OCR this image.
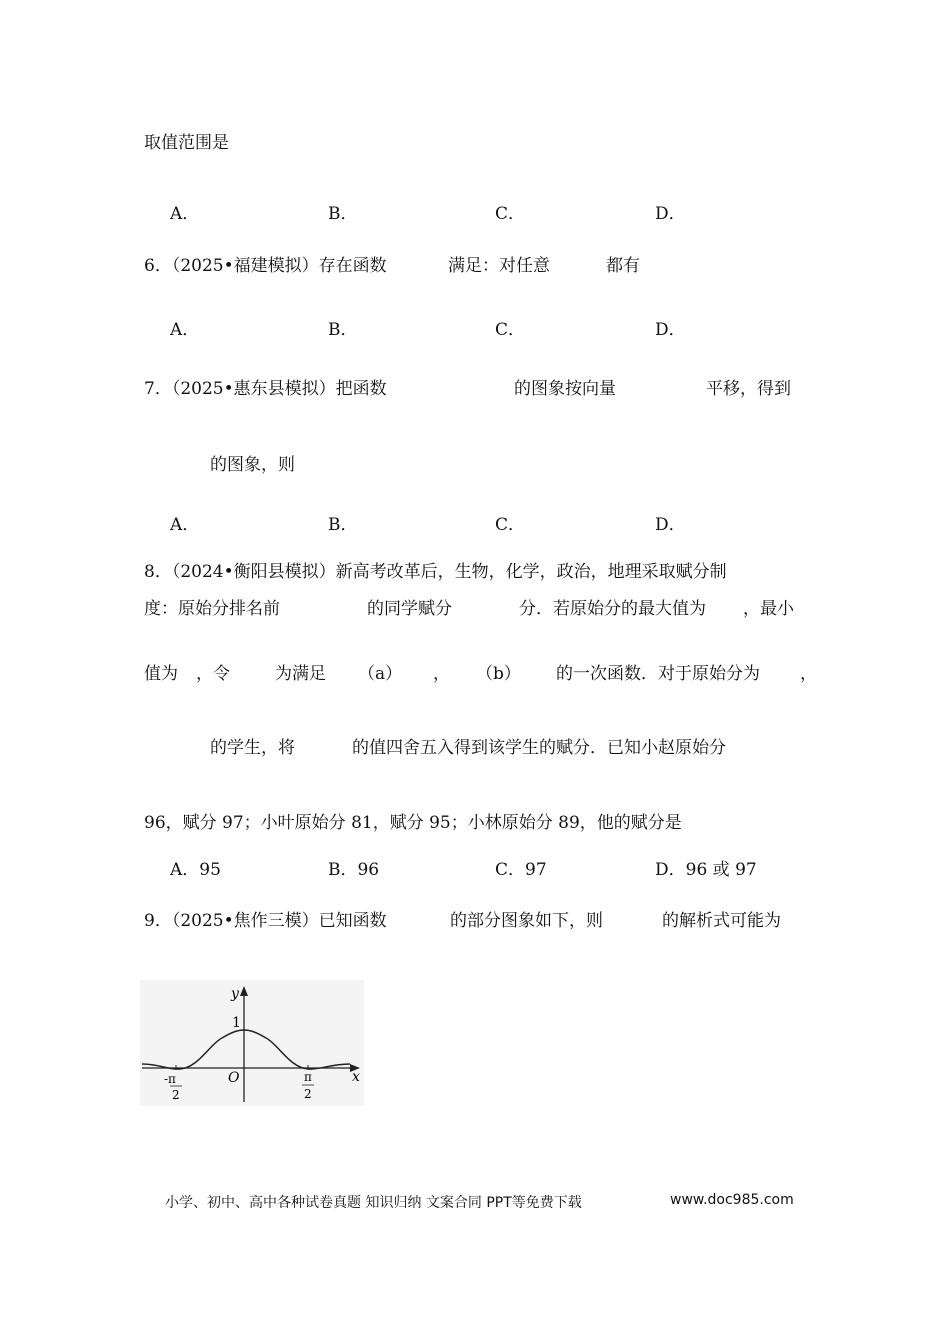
取值范围是
A．	B．	C．	D．
6．（2025•福建模拟）存在函数	满足：对任意	都有
A．	B．	C．	D．
7．（2025•惠东县模拟）把函数	的图象按向量	平移，得到
的图象，则
A．	B．	C．	D．
8．（2024•衡阳县模拟）新高考改革后，生物，化学，政治，地理采取赋分制
度：原始分排名前	的同学赋分	分．若原始分的最大值为 ，最小
值为 ，令	为满足 （a） ， （b） 的一次函数．对于原始分为 ，
的学生，将	的值四舍五入得到该学生的赋分．已知小赵原始分
96，赋分 97；小叶原始分 81，赋分 95；小林原始分 89，他的赋分是
A．95	B．96	C．97	D．96 或 97
9．（2025•焦作三模）已知函数	的部分图象如下，则	的解析式可能为
y
x
O
1
-π
2
π
2
小学、初中、高中各种试卷真题 知识归纳 文案合同 PPT等免费下载	www.doc985.com
